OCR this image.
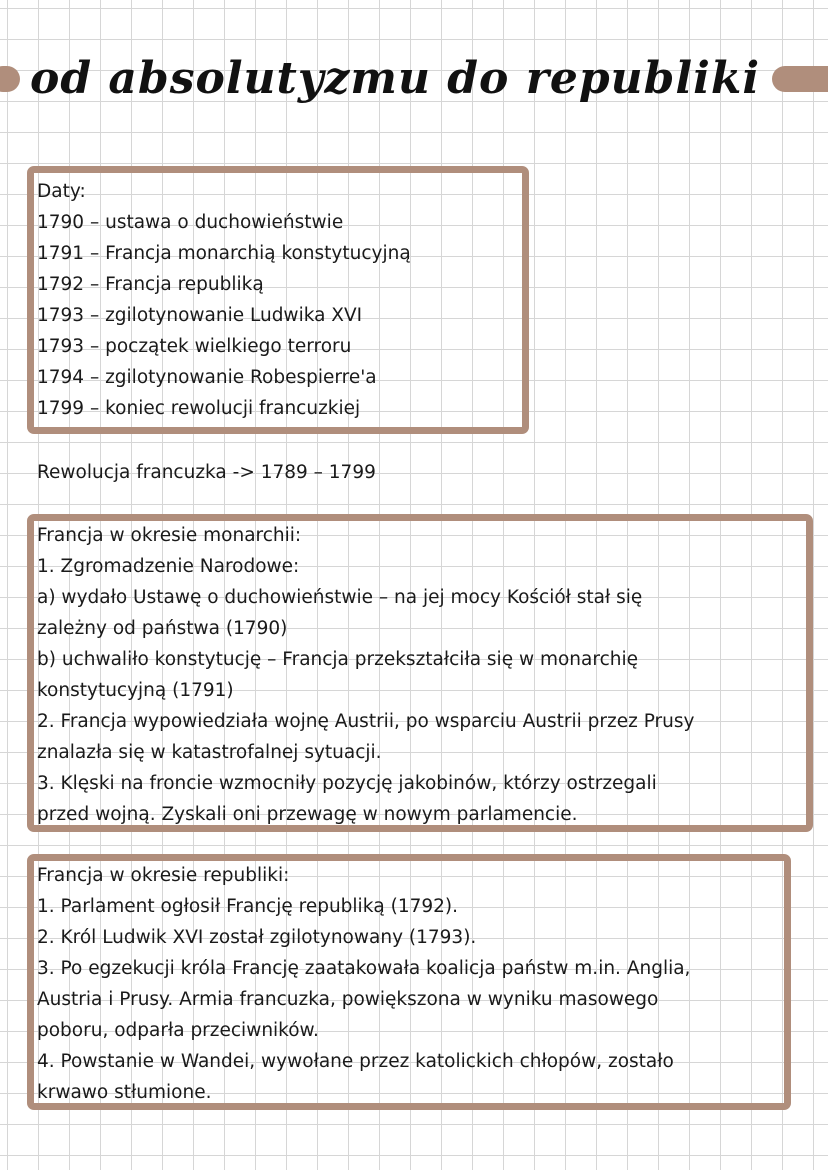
od absolutyzmu do republiki
Daty:
1790 – ustawa o duchowieństwie
1791 – Francja monarchią konstytucyjną
1792 – Francja republiką
1793 – zgilotynowanie Ludwika XVI
1793 – początek wielkiego terroru
1794 – zgilotynowanie Robespierre'a
1799 – koniec rewolucji francuzkiej
Rewolucja francuzka -> 1789 – 1799
Francja w okresie monarchii:
1. Zgromadzenie Narodowe:
a) wydało Ustawę o duchowieństwie – na jej mocy Kościół stał się
zależny od państwa (1790)
b) uchwaliło konstytucję – Francja przekształciła się w monarchię
konstytucyjną (1791)
2. Francja wypowiedziała wojnę Austrii, po wsparciu Austrii przez Prusy
znalazła się w katastrofalnej sytuacji.
3. Klęski na froncie wzmocniły pozycję jakobinów, którzy ostrzegali
przed wojną. Zyskali oni przewagę w nowym parlamencie.
Francja w okresie republiki:
1. Parlament ogłosił Francję republiką (1792).
2. Król Ludwik XVI został zgilotynowany (1793).
3. Po egzekucji króla Francję zaatakowała koalicja państw m.in. Anglia,
Austria i Prusy. Armia francuzka, powiększona w wyniku masowego
poboru, odparła przeciwników.
4. Powstanie w Wandei, wywołane przez katolickich chłopów, zostało
krwawo stłumione.
